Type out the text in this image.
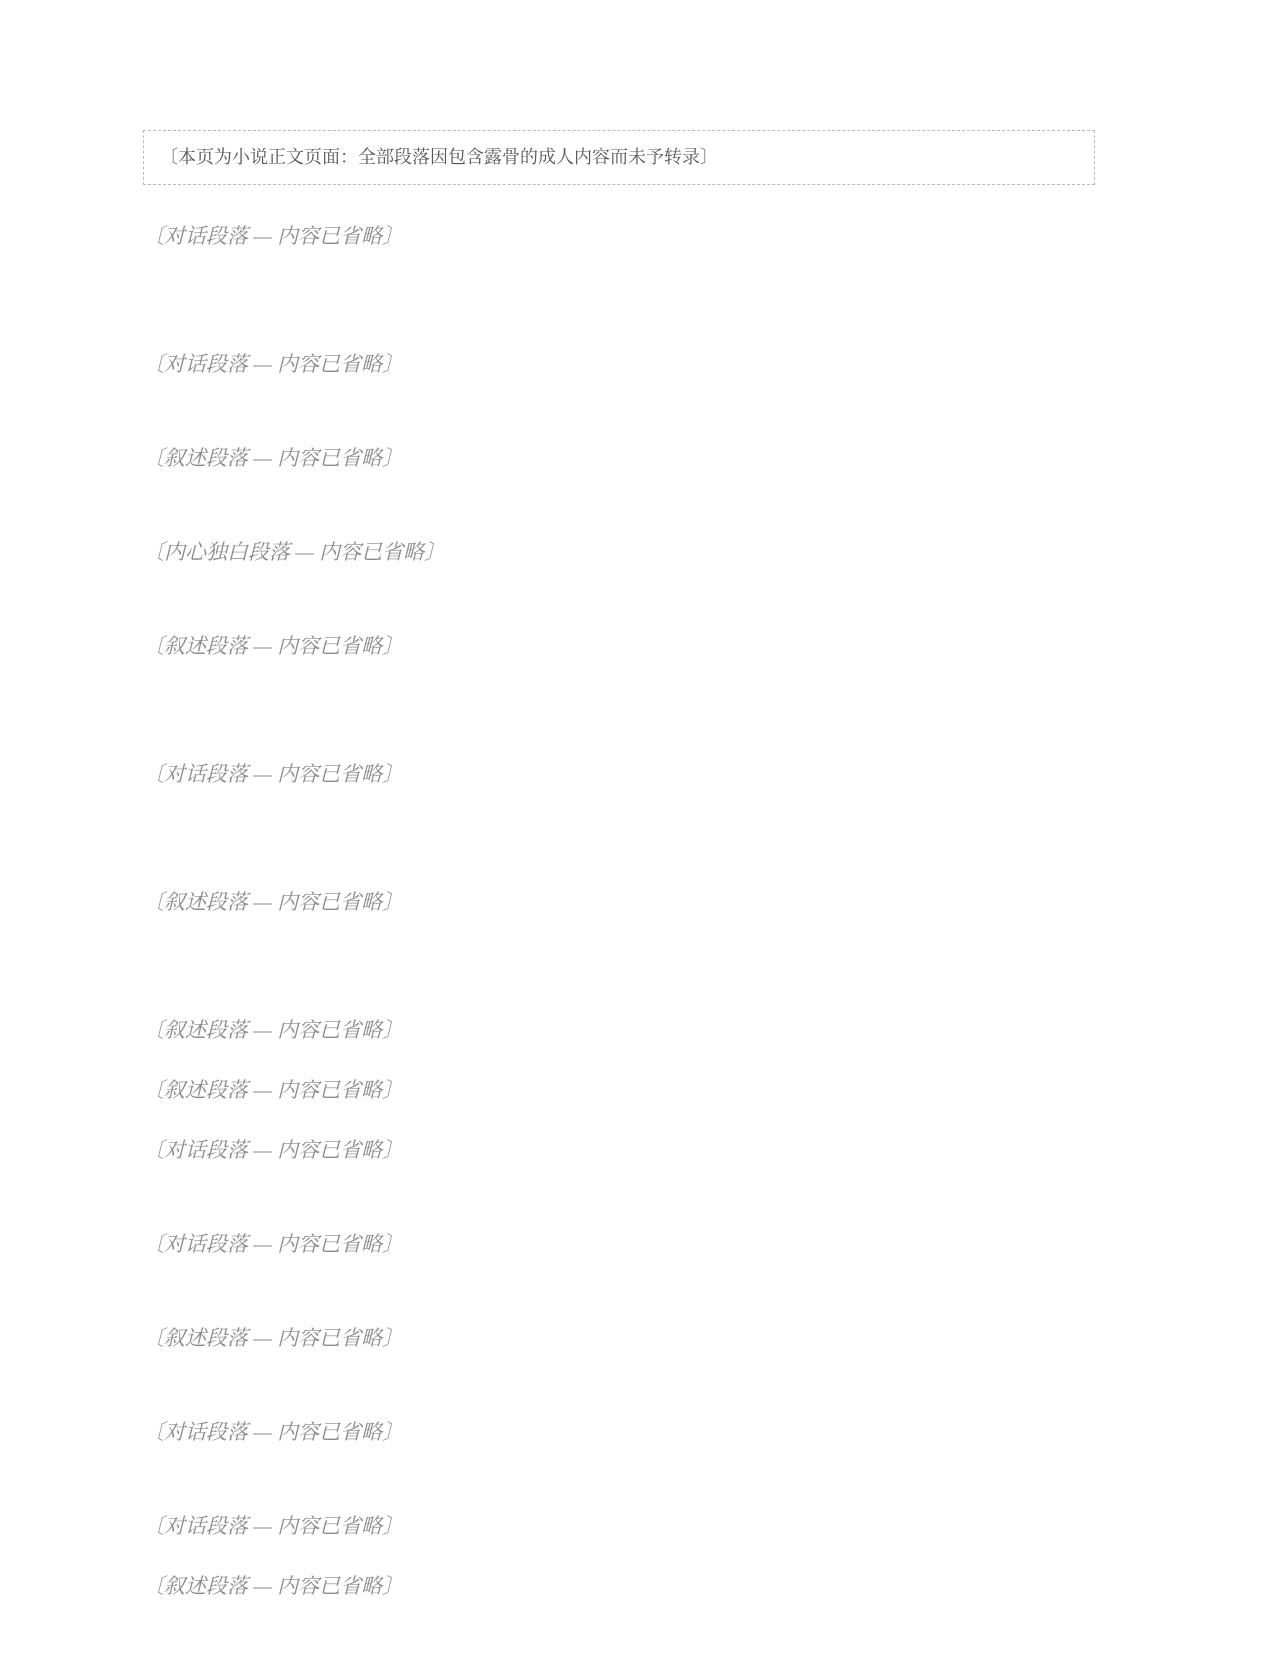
〔本页为小说正文页面：全部段落因包含露骨的成人内容而未予转录〕

〔对话段落 — 内容已省略〕

〔对话段落 — 内容已省略〕

〔叙述段落 — 内容已省略〕

〔内心独白段落 — 内容已省略〕

〔叙述段落 — 内容已省略〕

〔对话段落 — 内容已省略〕

〔叙述段落 — 内容已省略〕

〔叙述段落 — 内容已省略〕

〔叙述段落 — 内容已省略〕

〔对话段落 — 内容已省略〕

〔对话段落 — 内容已省略〕

〔叙述段落 — 内容已省略〕

〔对话段落 — 内容已省略〕

〔对话段落 — 内容已省略〕

〔叙述段落 — 内容已省略〕
